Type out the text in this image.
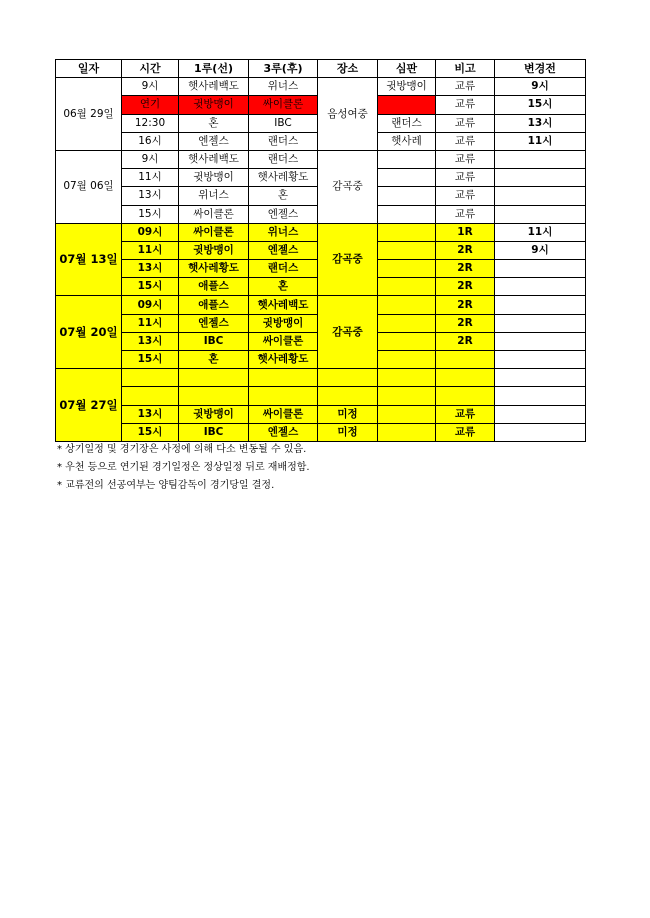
일자	시간	1루(선)	3루(후)	장소	심판	비고	변경전
06월 29일	9시	햇사레백도	위너스	음성여중	귓방맹이	교류	9시
	연기	귓방맹이	싸이클론			교류	15시
	12:30	혼	IBC		랜더스	교류	13시
	16시	엔젤스	랜더스		햇사레	교류	11시
07월 06일	9시	햇사레백도	랜더스	감곡중		교류	
	11시	귓방맹이	햇사레황도			교류	
	13시	위너스	혼			교류	
	15시	싸이클론	엔젤스			교류	
07월 13일	09시	싸이클론	위너스	감곡중		1R	11시
	11시	귓방맹이	엔젤스			2R	9시
	13시	햇사레황도	랜더스			2R	
	15시	애플스	혼			2R	
07월 20일	09시	애플스	햇사레백도	감곡중		2R	
	11시	엔젤스	귓방맹이			2R	
	13시	IBC	싸이클론			2R	
	15시	혼	햇사레황도				
07월 27일							

	13시	귓방맹이	싸이클론	미정		교류	
	15시	IBC	엔젤스	미정		교류	
* 상기일정 및 경기장은 사정에 의해 다소 변동될 수 있음.
* 우천 등으로 연기된 경기일정은 정상일정 뒤로 재배정함.
* 교류전의 선공여부는 양팀감독이 경기당일 결정.
